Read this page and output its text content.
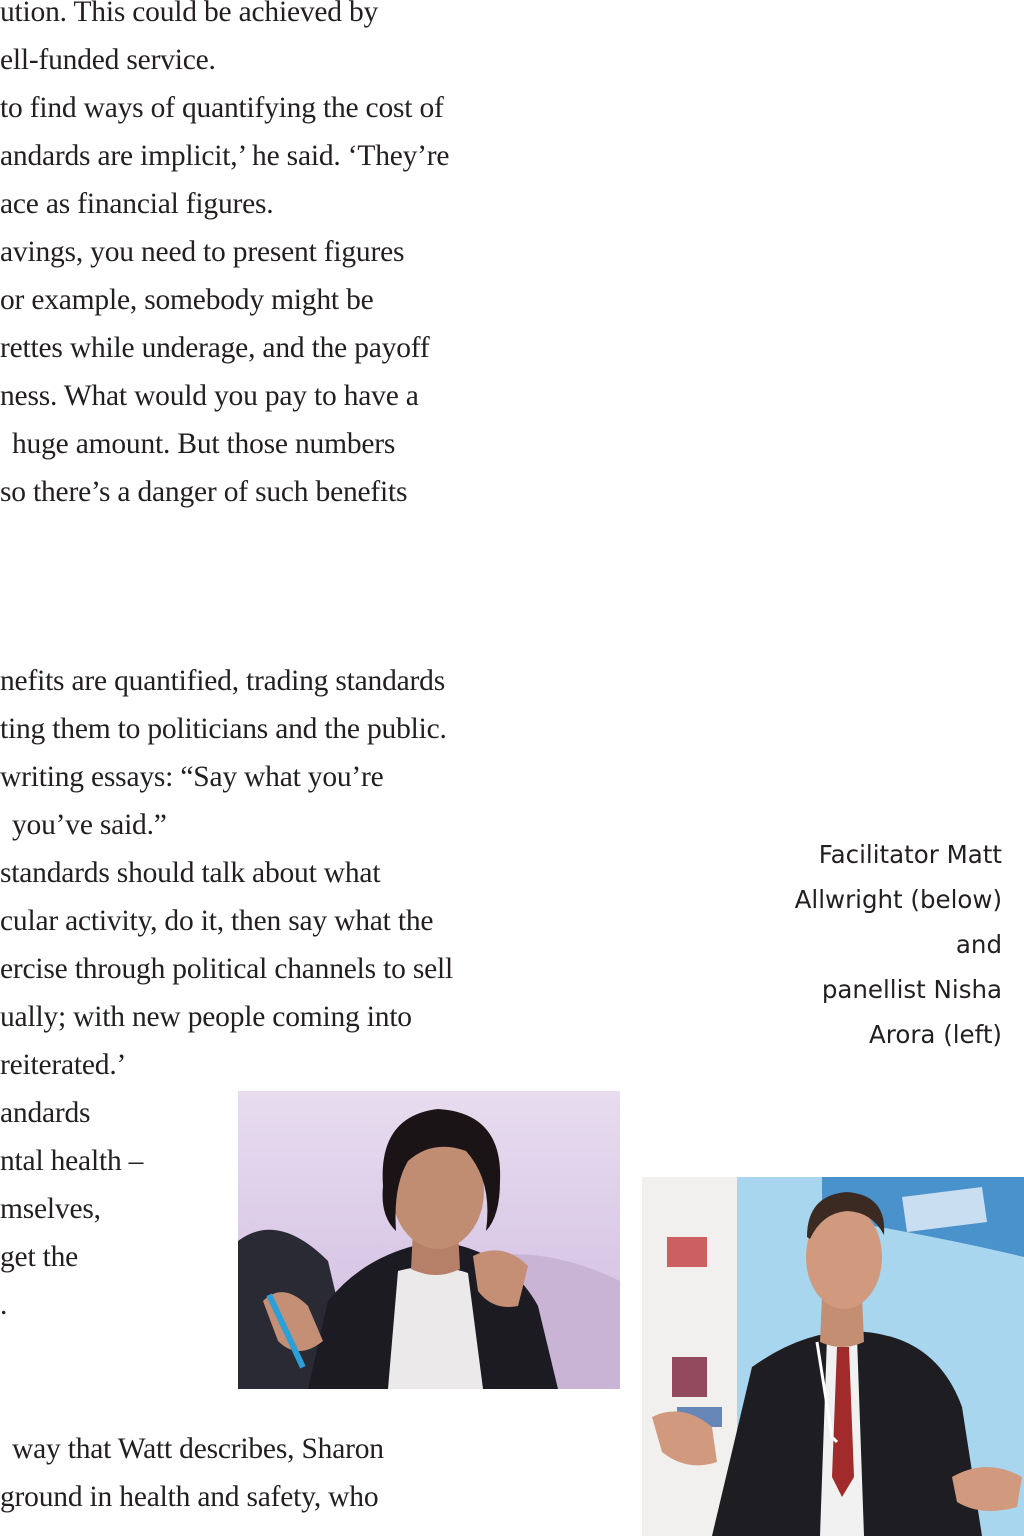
ution. This could be achieved by
ell-funded service.
to find ways of quantifying the cost of
andards are implicit,’ he said. ‘They’re
ace as financial figures.
avings, you need to present figures
or example, somebody might be
rettes while underage, and the payoff
ness. What would you pay to have a
huge amount. But those numbers
so there’s a danger of such benefits
nefits are quantified, trading standards
ting them to politicians and the public.
writing essays: “Say what you’re
you’ve said.”
standards should talk about what
cular activity, do it, then say what the
ercise through political channels to sell
ually; with new people coming into
reiterated.’
andards
ntal health –
mselves,
get the
.
way that Watt describes, Sharon
ground in health and safety, who
Facilitator Matt
Allwright (below)
and
panellist Nisha
Arora (left)
